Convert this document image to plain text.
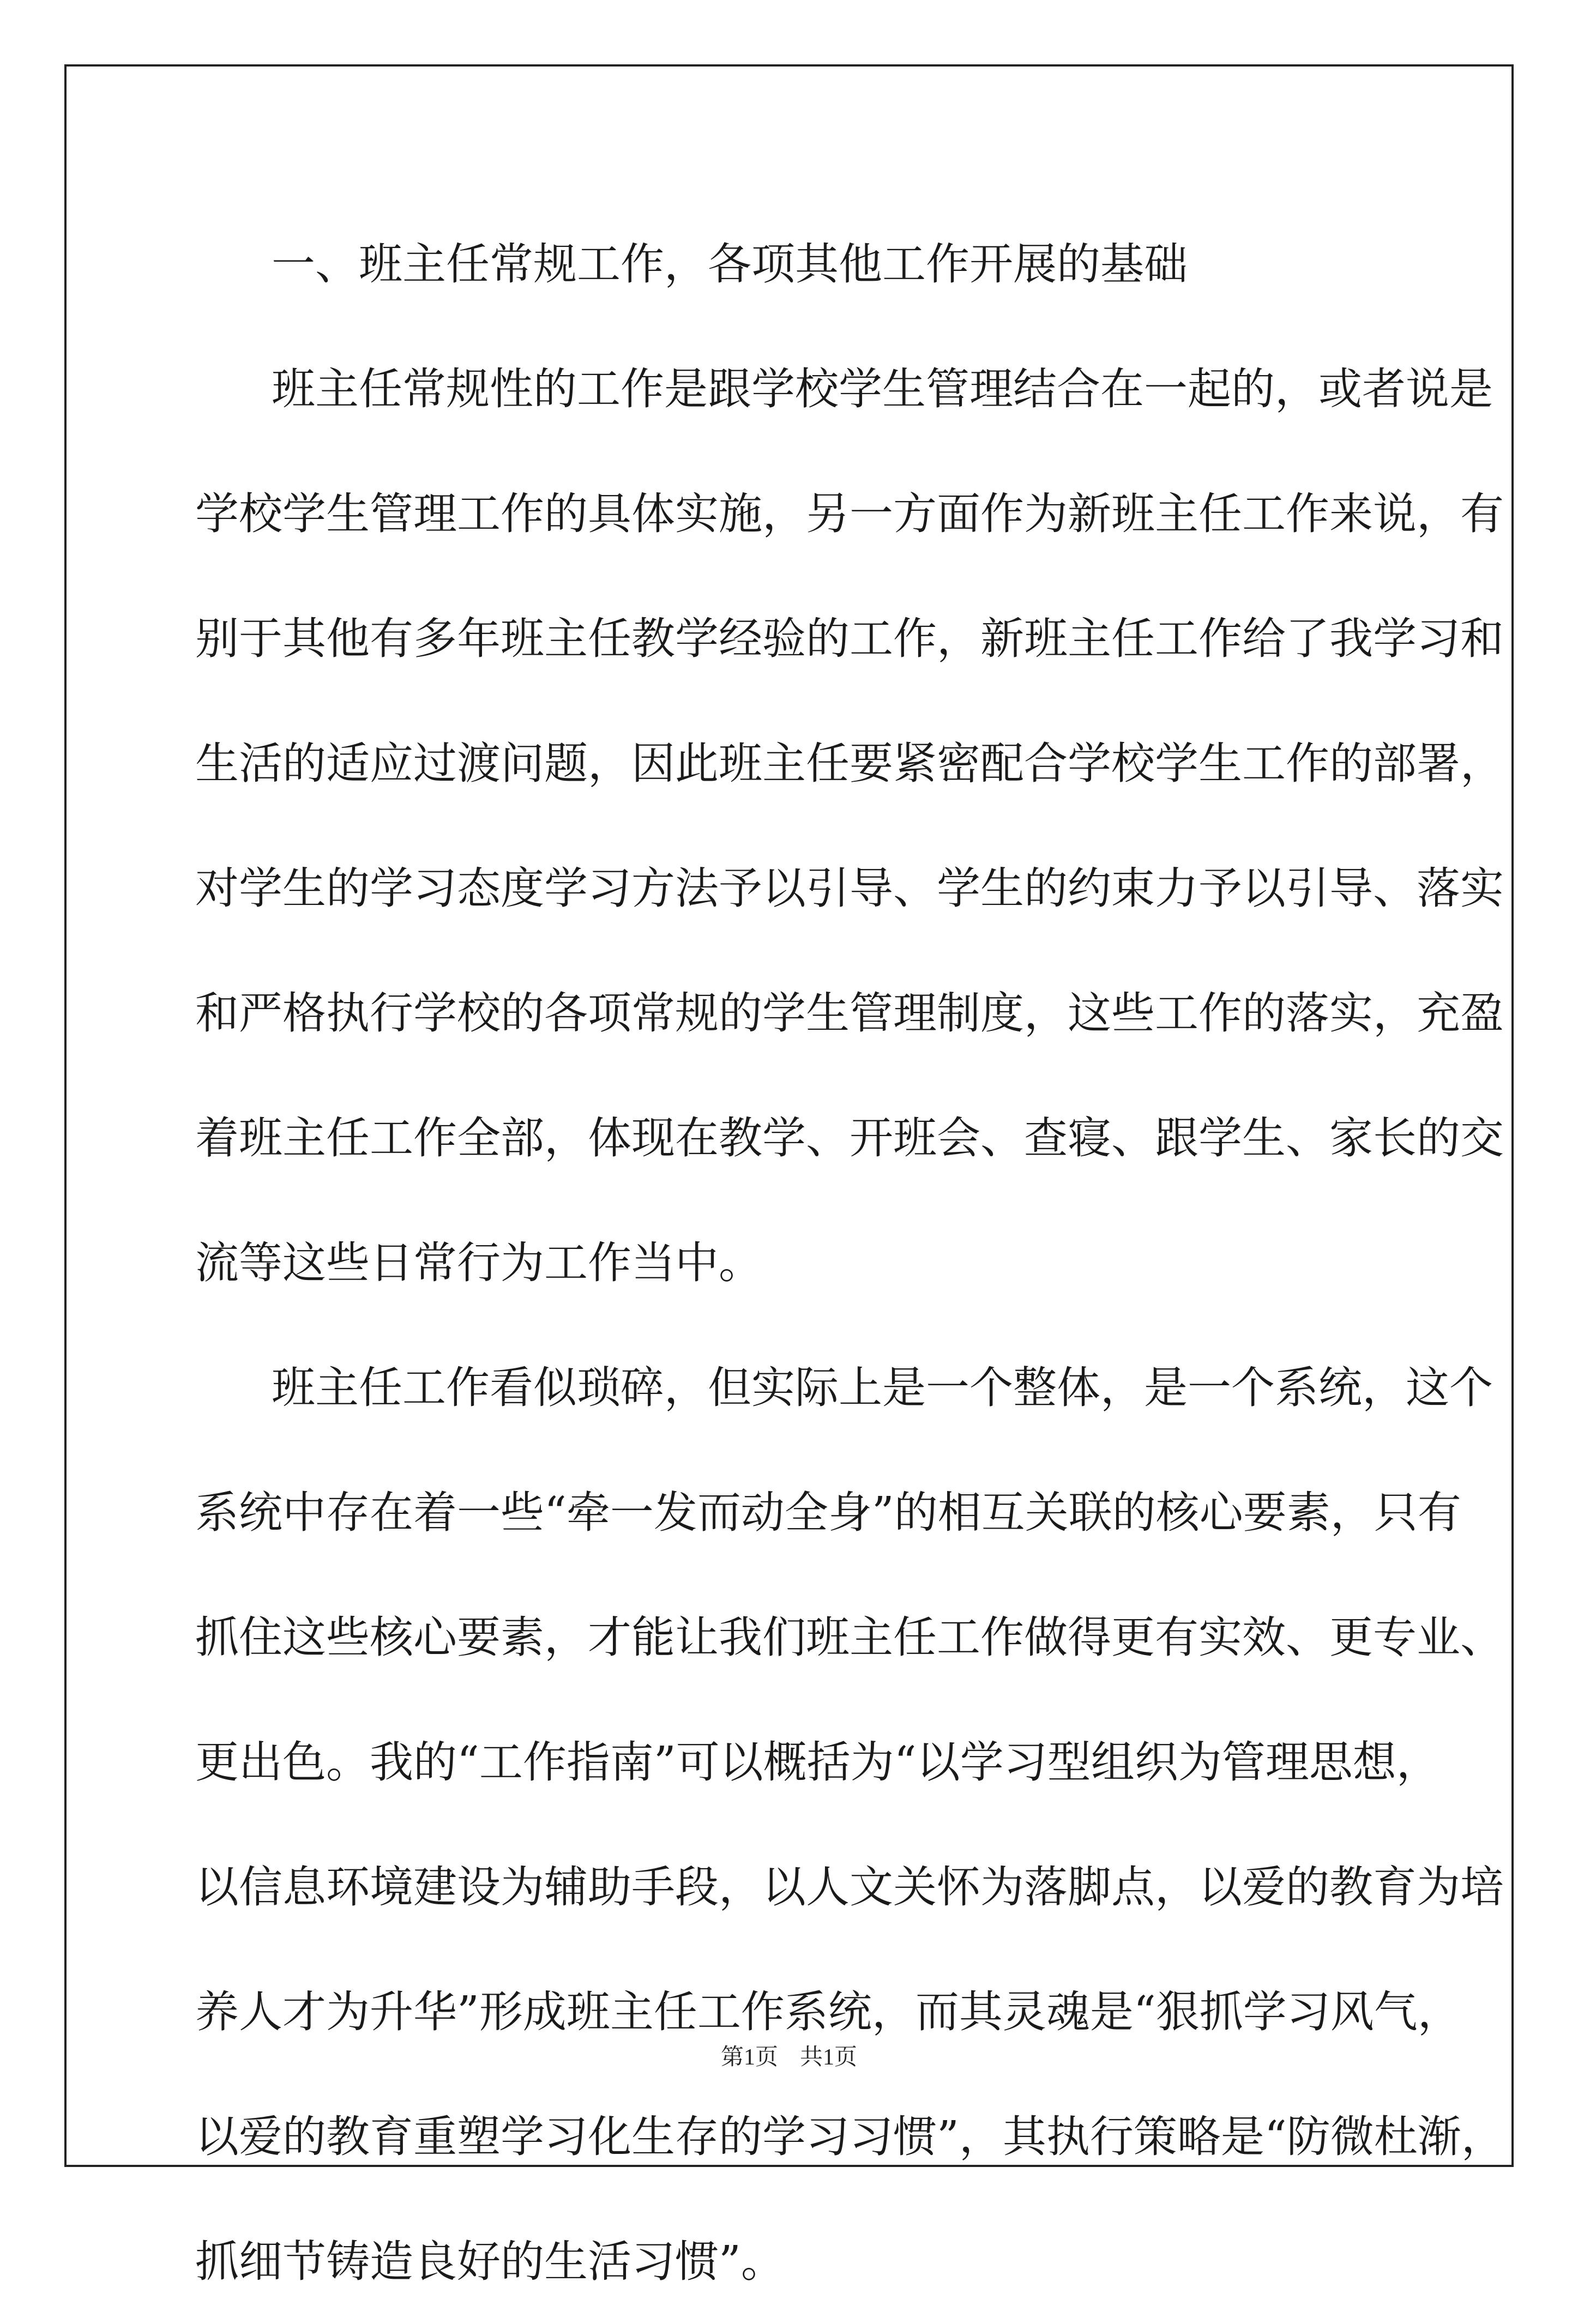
一、班主任常规工作，各项其他工作开展的基础
班主任常规性的工作是跟学校学生管理结合在一起的，或者说是
学校学生管理工作的具体实施，另一方面作为新班主任工作来说，有
别于其他有多年班主任教学经验的工作，新班主任工作给了我学习和
生活的适应过渡问题，因此班主任要紧密配合学校学生工作的部署，
对学生的学习态度学习方法予以引导、学生的约束力予以引导、落实
和严格执行学校的各项常规的学生管理制度，这些工作的落实，充盈
着班主任工作全部，体现在教学、开班会、查寝、跟学生、家长的交
流等这些日常行为工作当中。
班主任工作看似琐碎，但实际上是一个整体，是一个系统，这个
系统中存在着一些“牵一发而动全身”的相互关联的核心要素，只有
抓住这些核心要素，才能让我们班主任工作做得更有实效、更专业、
更出色。我的“工作指南”可以概括为“以学习型组织为管理思想，
以信息环境建设为辅助手段，以人文关怀为落脚点，以爱的教育为培
养人才为升华”形成班主任工作系统，而其灵魂是“狠抓学习风气，
以爱的教育重塑学习化生存的学习习惯”，其执行策略是“防微杜渐，
抓细节铸造良好的生活习惯”。
第1页 共1页
